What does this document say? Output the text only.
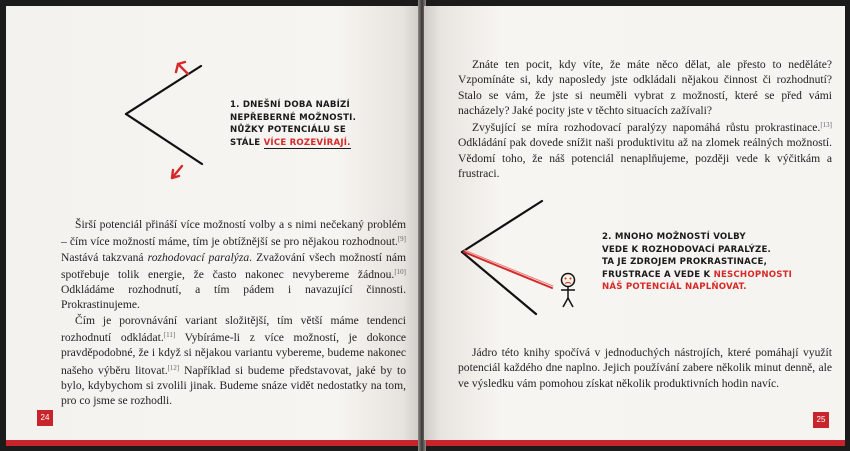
1. DNEŠNÍ DOBA NABÍZÍ
NEPŘEBERNÉ MOŽNOSTI.
NŮŽKY POTENCIÁLU SE
STÁLE VÍCE ROZEVÍRAJÍ.

Širší potenciál přináší více možností volby a s nimi nečekaný problém – čím více možností máme, tím je obtížnější se pro nějakou rozhodnout.[9] Nastává takzvaná rozhodovací paralýza. Zvažování všech možností nám spotřebuje tolik energie, že často nakonec nevybereme žádnou.[10] Odkládáme rozhodnutí, a tím pádem i navazující činnosti. Prokrastinujeme.

Čím je porovnávání variant složitější, tím větší máme tendenci rozhodnutí odkládat.[11] Vybíráme-li z více možností, je dokonce pravděpodobné, že i když si nějakou variantu vybereme, budeme nakonec našeho výběru litovat.[12] Například si budeme představovat, jaké by to bylo, kdybychom si zvolili jinak. Budeme snáze vidět nedostatky na tom, pro co jsme se rozhodli.

24

Znáte ten pocit, kdy víte, že máte něco dělat, ale přesto to neděláte? Vzpomínáte si, kdy naposledy jste odkládali nějakou činnost či rozhodnutí? Stalo se vám, že jste si neuměli vybrat z možností, které se před vámi nacházely? Jaké pocity jste v těchto situacích zažívali?

Zvyšující se míra rozhodovací paralýzy napomáhá růstu prokrastinace.[13] Odkládání pak dovede snížit naši produktivitu až na zlomek reálných možností. Vědomí toho, že náš potenciál nenaplňujeme, později vede k výčitkám a frustraci.

2. MNOHO MOŽNOSTÍ VOLBY
VEDE K ROZHODOVACÍ PARALÝZE.
TA JE ZDROJEM PROKRASTINACE,
FRUSTRACE A VEDE K NESCHOPNOSTI
NÁŠ POTENCIÁL NAPLŇOVAT.

Jádro této knihy spočívá v jednoduchých nástrojích, které pomáhají využít potenciál každého dne naplno. Jejich používání zabere několik minut denně, ale ve výsledku vám pomohou získat několik produktivních hodin navíc.

25
